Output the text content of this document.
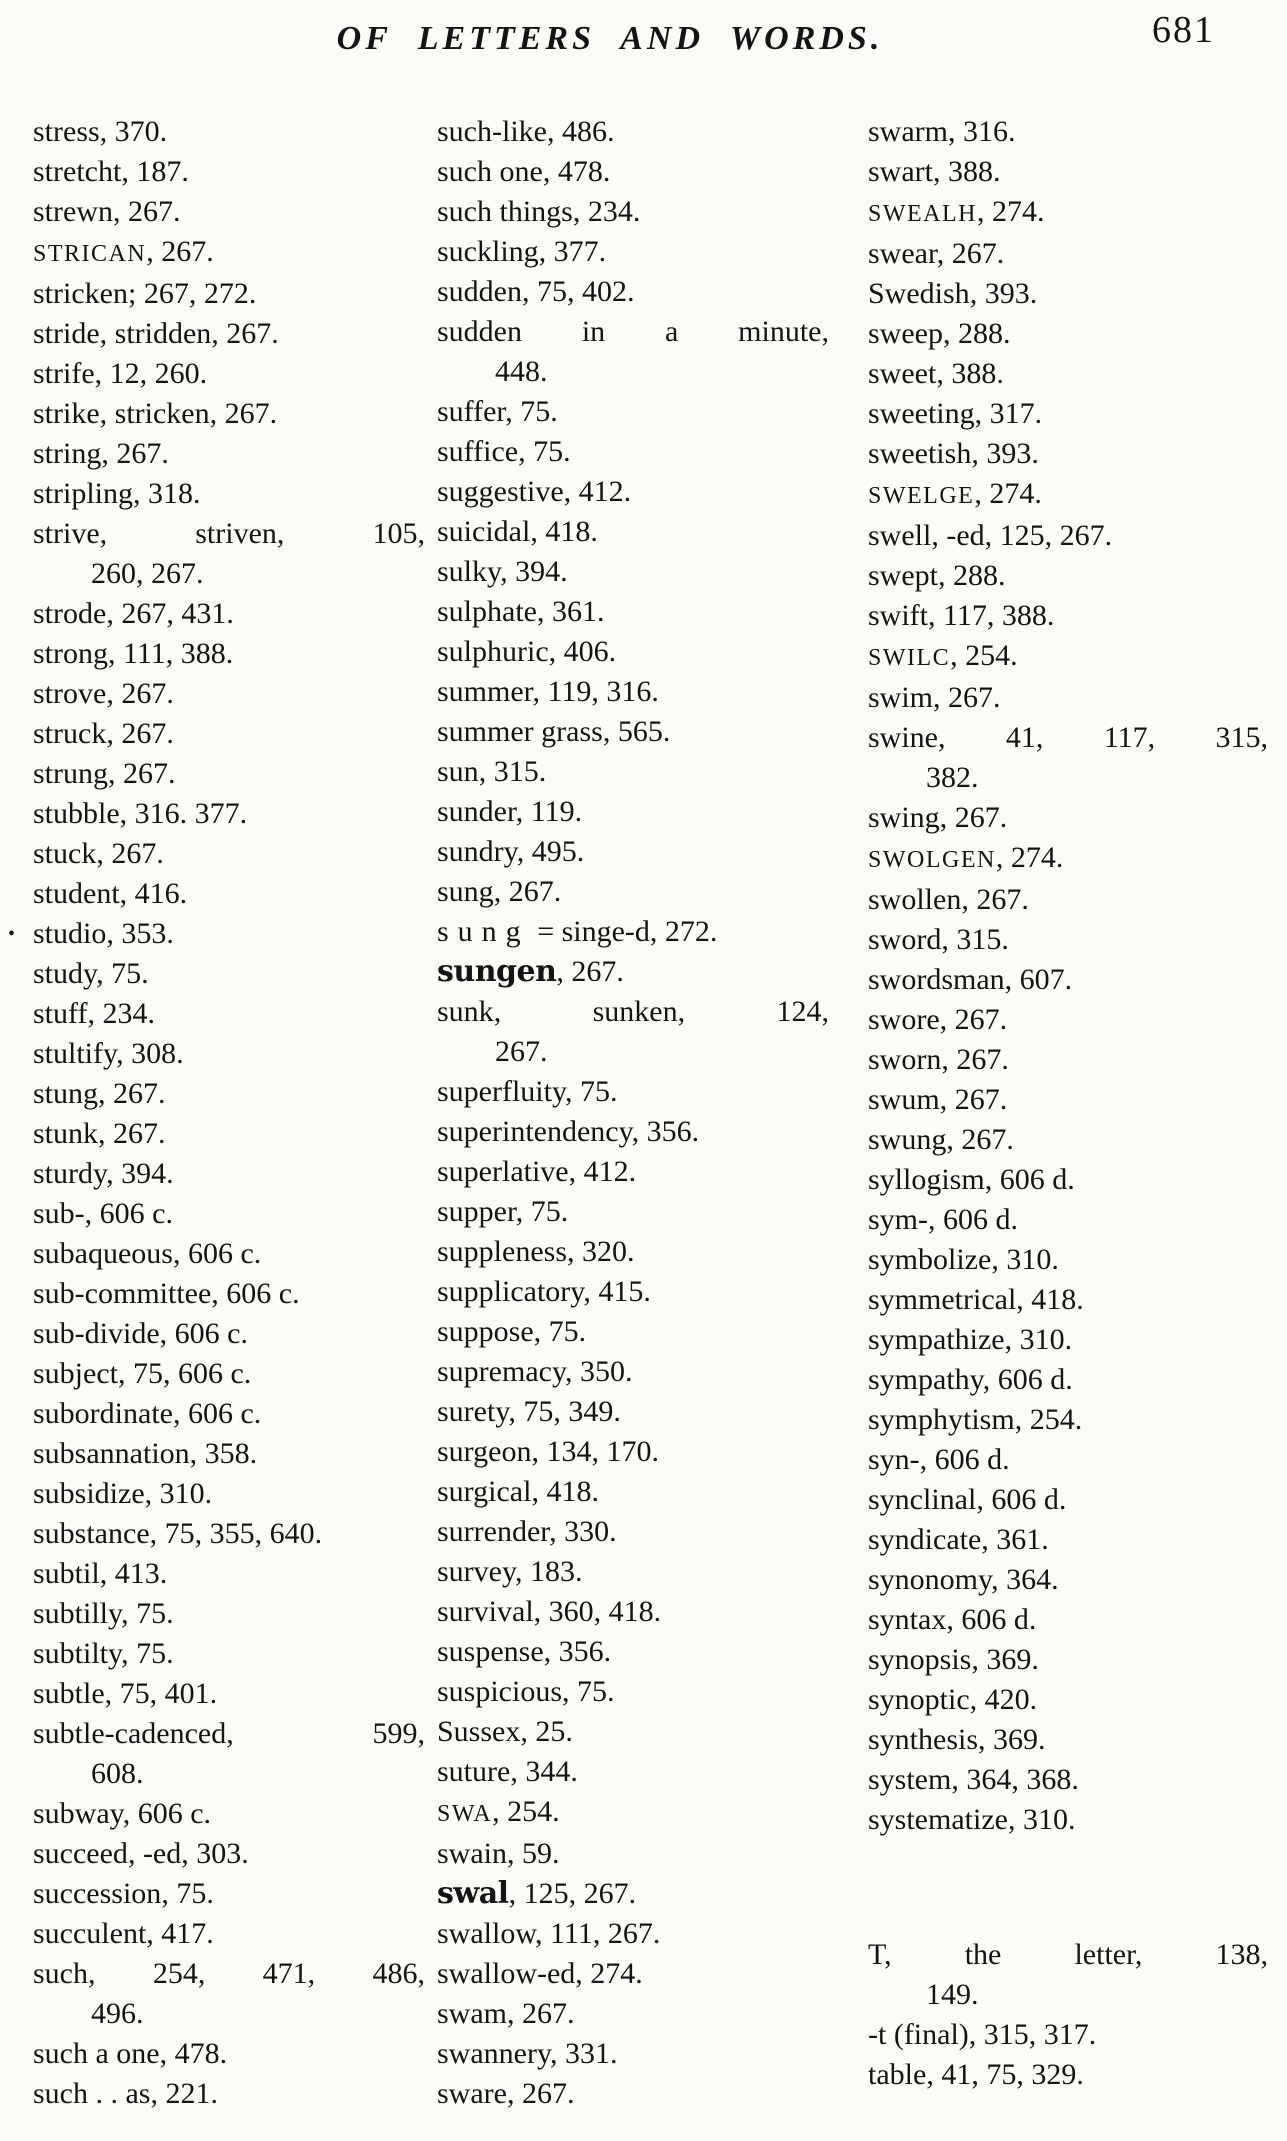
OF LETTERS AND WORDS.	681
stress, 370.
stretcht, 187.
strewn, 267.
STRICAN, 267.
stricken; 267, 272.
stride, stridden, 267.
strife, 12, 260.
strike, stricken, 267.
string, 267.
stripling, 318.
strive, striven, 105,
260, 267.
strode, 267, 431.
strong, 111, 388.
strove, 267.
struck, 267.
strung, 267.
stubble, 316. 377.
stuck, 267.
student, 416.
• studio, 353.
study, 75.
stuff, 234.
stultify, 308.
stung, 267.
stunk, 267.
sturdy, 394.
sub-, 606 c.
subaqueous, 606 c.
sub-committee, 606 c.
sub-divide, 606 c.
subject, 75, 606 c.
subordinate, 606 c.
subsannation, 358.
subsidize, 310.
substance, 75, 355, 640.
subtil, 413.
subtilly, 75.
subtilty, 75.
subtle, 75, 401.
subtle-cadenced, 599,
608.
subway, 606 c.
succeed, -ed, 303.
succession, 75.
succulent, 417.
such, 254, 471, 486,
496.
such a one, 478.
such . . as, 221.
such-like, 486.
such one, 478.
such things, 234.
suckling, 377.
sudden, 75, 402.
sudden in a minute,
448.
suffer, 75.
suffice, 75.
suggestive, 412.
suicidal, 418.
sulky, 394.
sulphate, 361.
sulphuric, 406.
summer, 119, 316.
summer grass, 565.
sun, 315.
sunder, 119.
sundry, 495.
sung, 267.
sung = singe-d, 272.
sungen, 267.
sunk, sunken, 124,
267.
superfluity, 75.
superintendency, 356.
superlative, 412.
supper, 75.
suppleness, 320.
supplicatory, 415.
suppose, 75.
supremacy, 350.
surety, 75, 349.
surgeon, 134, 170.
surgical, 418.
surrender, 330.
survey, 183.
survival, 360, 418.
suspense, 356.
suspicious, 75.
Sussex, 25.
suture, 344.
SWA, 254.
swain, 59.
swal, 125, 267.
swallow, 111, 267.
swallow-ed, 274.
swam, 267.
swannery, 331.
sware, 267.
swarm, 316.
swart, 388.
SWEALH, 274.
swear, 267.
Swedish, 393.
sweep, 288.
sweet, 388.
sweeting, 317.
sweetish, 393.
SWELGE, 274.
swell, -ed, 125, 267.
swept, 288.
swift, 117, 388.
SWILC, 254.
swim, 267.
swine, 41, 117, 315,
382.
swing, 267.
SWOLGEN, 274.
swollen, 267.
sword, 315.
swordsman, 607.
swore, 267.
sworn, 267.
swum, 267.
swung, 267.
syllogism, 606 d.
sym-, 606 d.
symbolize, 310.
symmetrical, 418.
sympathize, 310.
sympathy, 606 d.
symphytism, 254.
syn-, 606 d.
synclinal, 606 d.
syndicate, 361.
synonomy, 364.
syntax, 606 d.
synopsis, 369.
synoptic, 420.
synthesis, 369.
system, 364, 368.
systematize, 310.
T, the letter, 138,
149.
-t (final), 315, 317.
table, 41, 75, 329.
